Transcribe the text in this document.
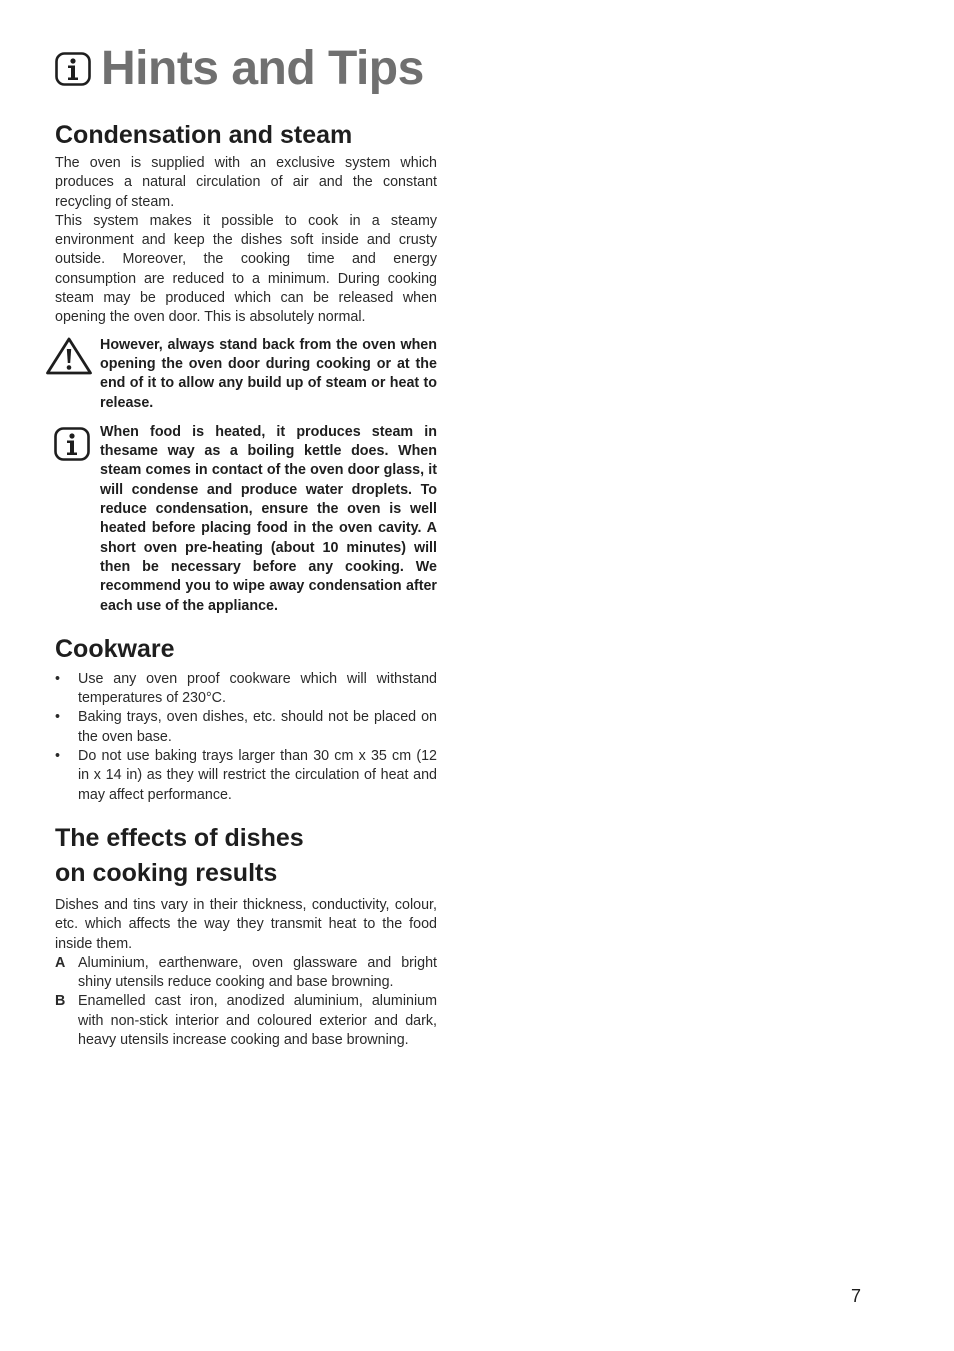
Hints and Tips
Condensation and steam

The oven is supplied with an exclusive system which produces a natural circulation of air and the constant recycling of steam.

This system makes it possible to cook in a steamy environment and keep the dishes soft inside and crusty outside. Moreover, the cooking time and energy consumption are reduced to a minimum. During cooking steam may be produced which can be released when opening the oven door. This is absolutely normal.

However, always stand back from the oven when opening the oven door during cooking or at the end of it to allow any build up of steam or heat to release.

When food is heated, it produces steam in thesame way as a boiling kettle does. When steam comes in contact of the oven door glass, it will condense and produce water droplets. To reduce condensation, ensure the oven is well heated before placing food in the oven cavity. A short oven pre-heating (about 10 minutes) will then be necessary before any cooking. We recommend you to wipe away condensation after each use of the appliance.

Cookware
• Use any oven proof cookware which will withstand temperatures of 230°C.
• Baking trays, oven dishes, etc. should not be placed on the oven base.
• Do not use baking trays larger than 30 cm x 35 cm (12 in x 14 in) as they will restrict the circulation of heat and may affect performance.
The effects of dishes
on cooking results

Dishes and tins vary in their thickness, conductivity, colour, etc. which affects the way they transmit heat to the food inside them.

A Aluminium, earthenware, oven glassware and bright shiny utensils reduce cooking and base browning.
B Enamelled cast iron, anodized aluminium, aluminium with non-stick interior and coloured exterior and dark, heavy utensils increase cooking and base browning.
7
